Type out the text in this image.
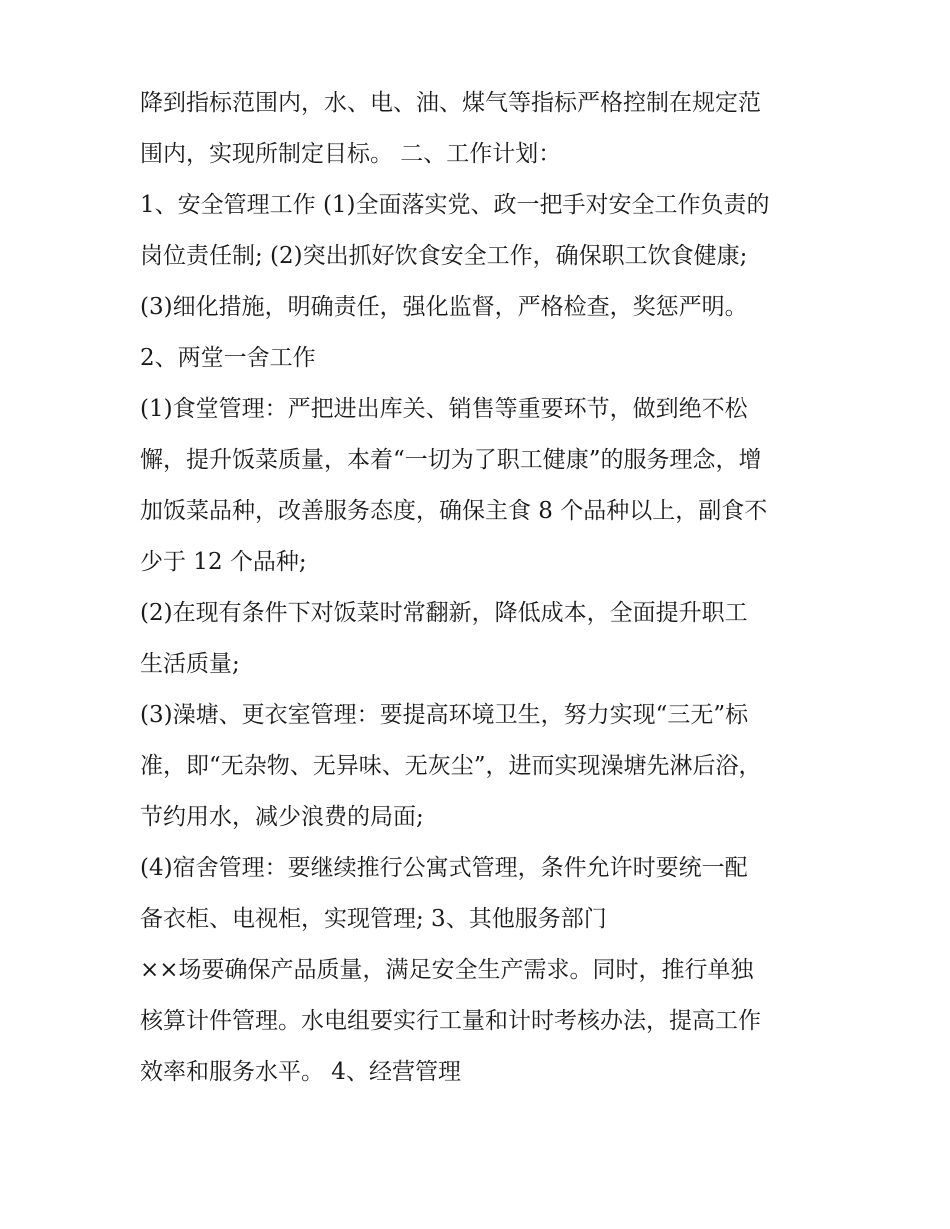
降到指标范围内，水、电、油、煤气等指标严格控制在规定范
围内，实现所制定目标。 二、工作计划：
1、安全管理工作 (1)全面落实党、政一把手对安全工作负责的
岗位责任制; (2)突出抓好饮食安全工作，确保职工饮食健康;
(3)细化措施，明确责任，强化监督，严格检查，奖惩严明。
2、两堂一舍工作
(1)食堂管理：严把进出库关、销售等重要环节，做到绝不松
懈，提升饭菜质量，本着“一切为了职工健康”的服务理念，增
加饭菜品种，改善服务态度，确保主食 8 个品种以上，副食不
少于 12 个品种;
(2)在现有条件下对饭菜时常翻新，降低成本，全面提升职工
生活质量;
(3)澡塘、更衣室管理：要提高环境卫生，努力实现“三无”标
准，即“无杂物、无异味、无灰尘”，进而实现澡塘先淋后浴，
节约用水，减少浪费的局面;
(4)宿舍管理：要继续推行公寓式管理，条件允许时要统一配
备衣柜、电视柜，实现管理; 3、其他服务部门
××场要确保产品质量，满足安全生产需求。同时，推行单独
核算计件管理。水电组要实行工量和计时考核办法，提高工作
效率和服务水平。 4、经营管理
